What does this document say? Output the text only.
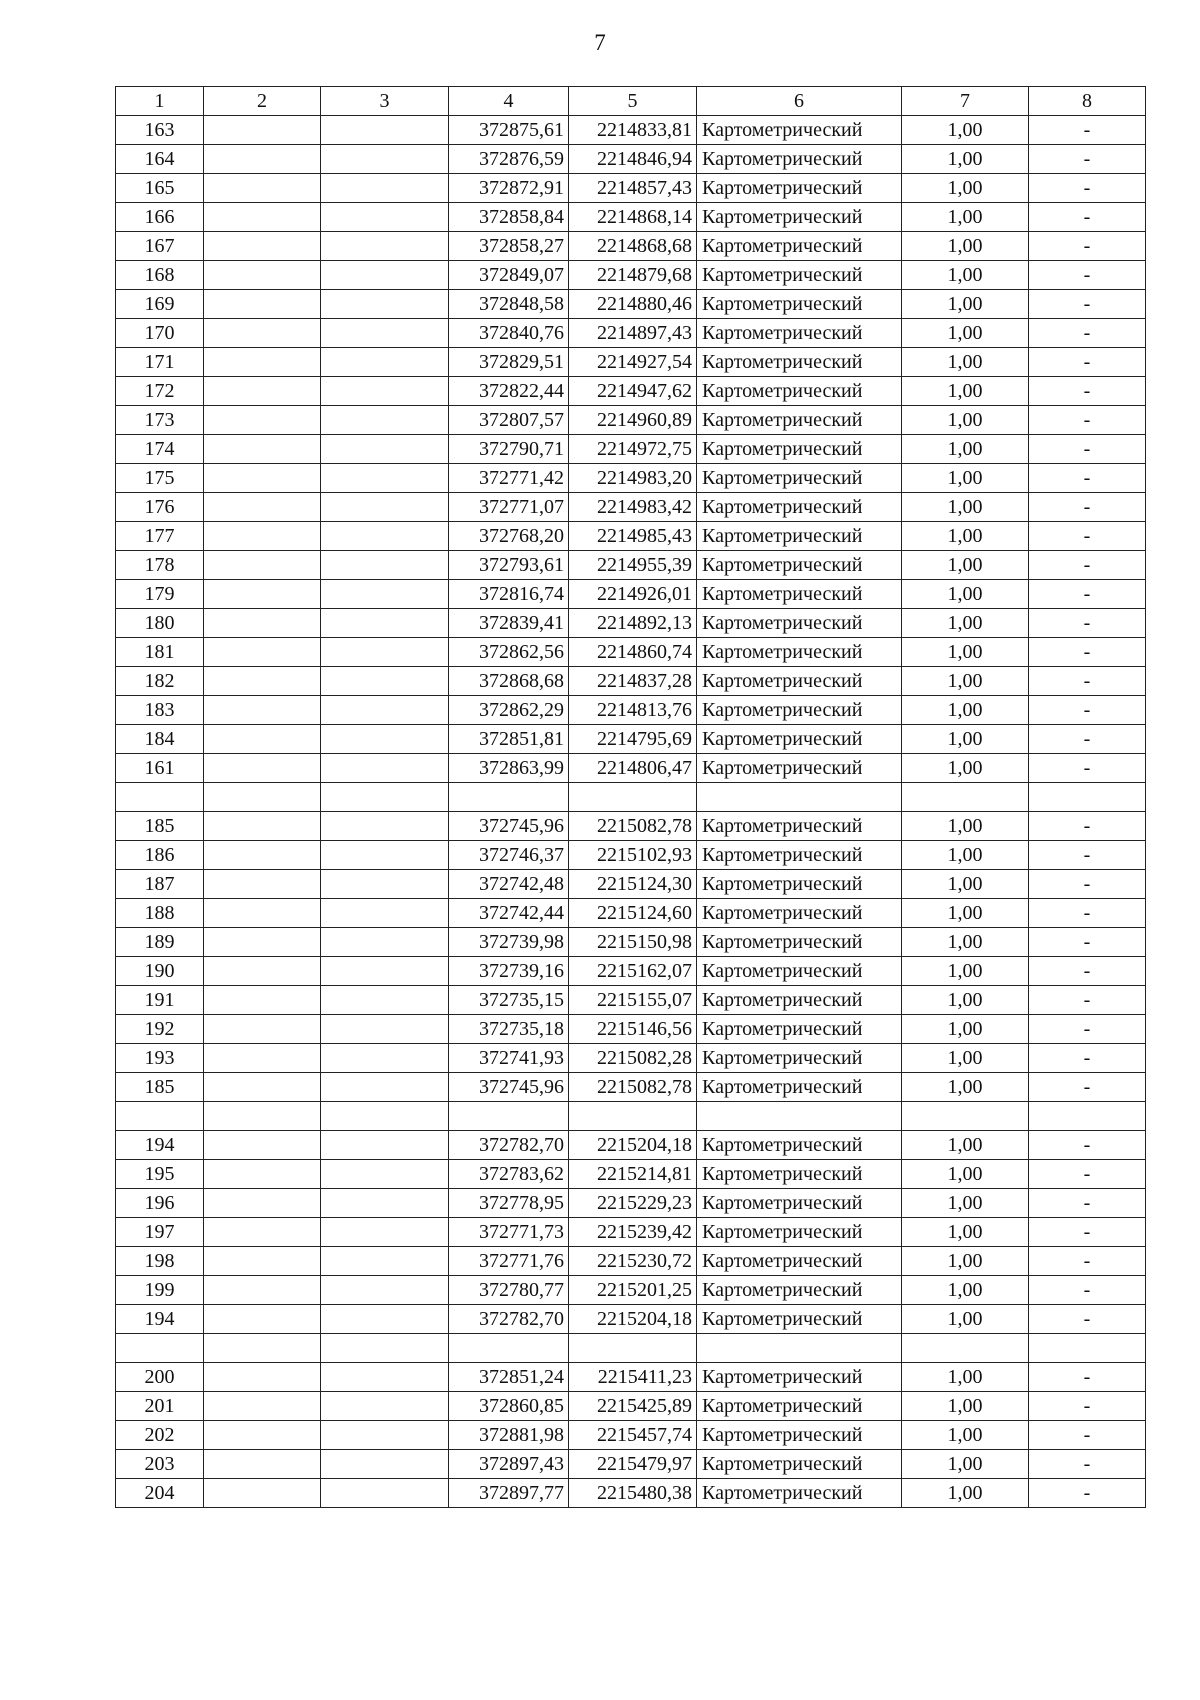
7
1	2	3	4	5	6	7	8
163			372875,61	2214833,81	Картометрический	1,00	-
164			372876,59	2214846,94	Картометрический	1,00	-
165			372872,91	2214857,43	Картометрический	1,00	-
166			372858,84	2214868,14	Картометрический	1,00	-
167			372858,27	2214868,68	Картометрический	1,00	-
168			372849,07	2214879,68	Картометрический	1,00	-
169			372848,58	2214880,46	Картометрический	1,00	-
170			372840,76	2214897,43	Картометрический	1,00	-
171			372829,51	2214927,54	Картометрический	1,00	-
172			372822,44	2214947,62	Картометрический	1,00	-
173			372807,57	2214960,89	Картометрический	1,00	-
174			372790,71	2214972,75	Картометрический	1,00	-
175			372771,42	2214983,20	Картометрический	1,00	-
176			372771,07	2214983,42	Картометрический	1,00	-
177			372768,20	2214985,43	Картометрический	1,00	-
178			372793,61	2214955,39	Картометрический	1,00	-
179			372816,74	2214926,01	Картометрический	1,00	-
180			372839,41	2214892,13	Картометрический	1,00	-
181			372862,56	2214860,74	Картометрический	1,00	-
182			372868,68	2214837,28	Картометрический	1,00	-
183			372862,29	2214813,76	Картометрический	1,00	-
184			372851,81	2214795,69	Картометрический	1,00	-
161			372863,99	2214806,47	Картометрический	1,00	-

185			372745,96	2215082,78	Картометрический	1,00	-
186			372746,37	2215102,93	Картометрический	1,00	-
187			372742,48	2215124,30	Картометрический	1,00	-
188			372742,44	2215124,60	Картометрический	1,00	-
189			372739,98	2215150,98	Картометрический	1,00	-
190			372739,16	2215162,07	Картометрический	1,00	-
191			372735,15	2215155,07	Картометрический	1,00	-
192			372735,18	2215146,56	Картометрический	1,00	-
193			372741,93	2215082,28	Картометрический	1,00	-
185			372745,96	2215082,78	Картометрический	1,00	-

194			372782,70	2215204,18	Картометрический	1,00	-
195			372783,62	2215214,81	Картометрический	1,00	-
196			372778,95	2215229,23	Картометрический	1,00	-
197			372771,73	2215239,42	Картометрический	1,00	-
198			372771,76	2215230,72	Картометрический	1,00	-
199			372780,77	2215201,25	Картометрический	1,00	-
194			372782,70	2215204,18	Картометрический	1,00	-

200			372851,24	2215411,23	Картометрический	1,00	-
201			372860,85	2215425,89	Картометрический	1,00	-
202			372881,98	2215457,74	Картометрический	1,00	-
203			372897,43	2215479,97	Картометрический	1,00	-
204			372897,77	2215480,38	Картометрический	1,00	-
